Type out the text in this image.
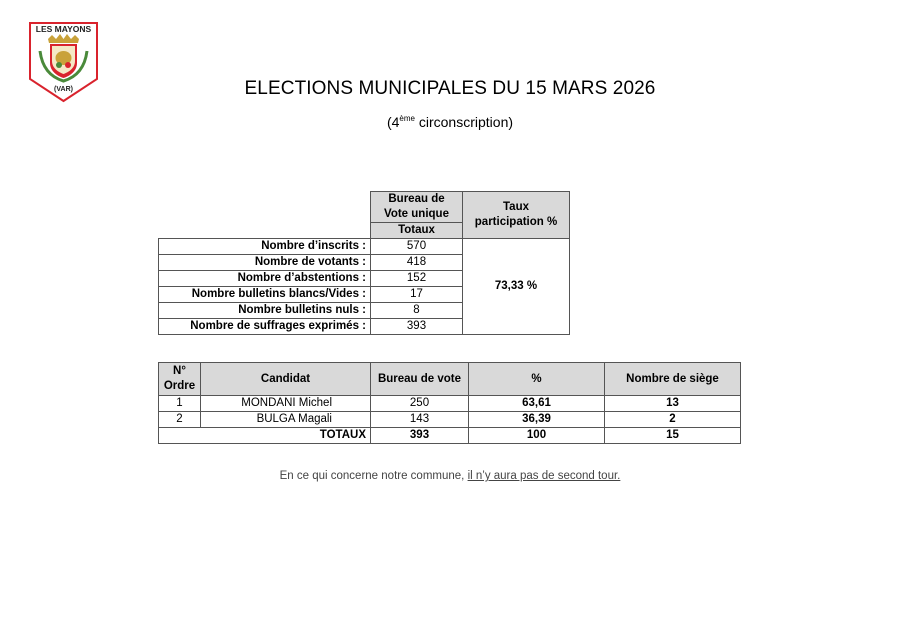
LES MAYONS
(VAR)	ELECTIONS MUNICIPALES DU 15 MARS 2026
(4ème circonscription)
	Bureau de Vote unique	Taux participation %
	Totaux	
Nombre d’inscrits :	570	73,33 %
Nombre de votants :	418	
Nombre d’abstentions :	152	
Nombre bulletins blancs/Vides :	17	
Nombre bulletins nuls :	8	
Nombre de suffrages exprimés :	393	
N° Ordre	Candidat	Bureau de vote	%	Nombre de siège
1	MONDANI Michel	250	63,61	13
2	BULGA Magali	143	36,39	2
TOTAUX		393	100	15
En ce qui concerne notre commune, il n’y aura pas de second tour.
